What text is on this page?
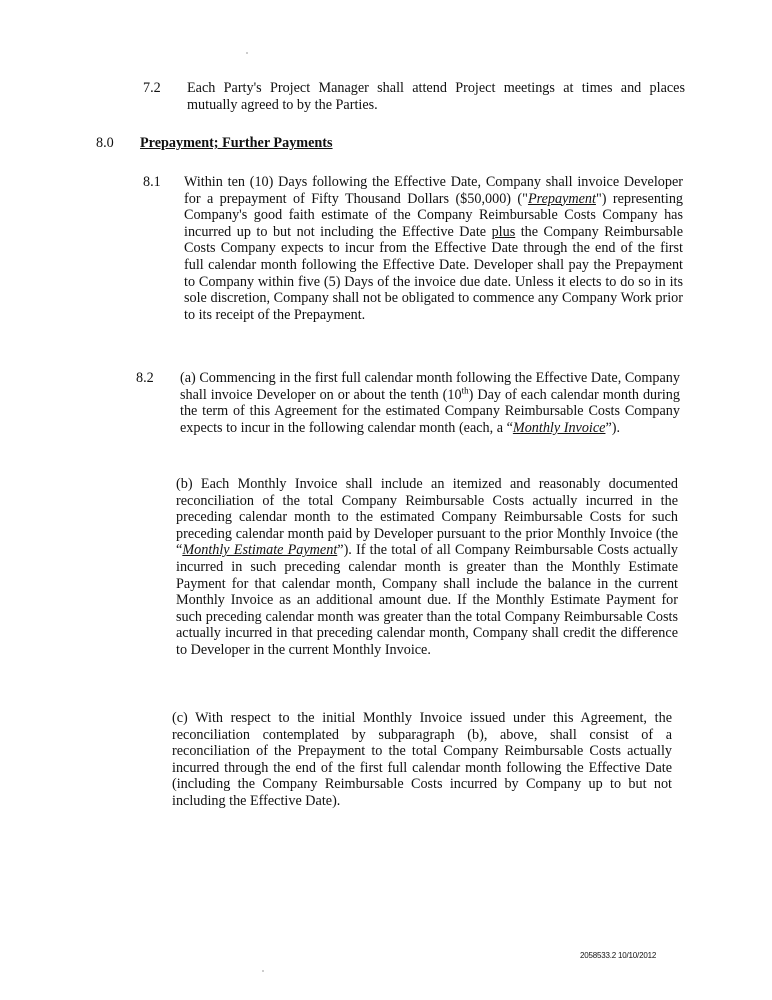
7.2 Each Party's Project Manager shall attend Project meetings at times and places mutually agreed to by the Parties.
8.0 Prepayment; Further Payments
8.1 Within ten (10) Days following the Effective Date, Company shall invoice Developer for a prepayment of Fifty Thousand Dollars ($50,000) ("Prepayment") representing Company's good faith estimate of the Company Reimbursable Costs Company has incurred up to but not including the Effective Date plus the Company Reimbursable Costs Company expects to incur from the Effective Date through the end of the first full calendar month following the Effective Date. Developer shall pay the Prepayment to Company within five (5) Days of the invoice due date. Unless it elects to do so in its sole discretion, Company shall not be obligated to commence any Company Work prior to its receipt of the Prepayment.
8.2 (a) Commencing in the first full calendar month following the Effective Date, Company shall invoice Developer on or about the tenth (10th) Day of each calendar month during the term of this Agreement for the estimated Company Reimbursable Costs Company expects to incur in the following calendar month (each, a “Monthly Invoice”).
(b) Each Monthly Invoice shall include an itemized and reasonably documented reconciliation of the total Company Reimbursable Costs actually incurred in the preceding calendar month to the estimated Company Reimbursable Costs for such preceding calendar month paid by Developer pursuant to the prior Monthly Invoice (the “Monthly Estimate Payment”). If the total of all Company Reimbursable Costs actually incurred in such preceding calendar month is greater than the Monthly Estimate Payment for that calendar month, Company shall include the balance in the current Monthly Invoice as an additional amount due. If the Monthly Estimate Payment for such preceding calendar month was greater than the total Company Reimbursable Costs actually incurred in that preceding calendar month, Company shall credit the difference to Developer in the current Monthly Invoice.
(c) With respect to the initial Monthly Invoice issued under this Agreement, the reconciliation contemplated by subparagraph (b), above, shall consist of a reconciliation of the Prepayment to the total Company Reimbursable Costs actually incurred through the end of the first full calendar month following the Effective Date (including the Company Reimbursable Costs incurred by Company up to but not including the Effective Date).
2058533.2 10/10/2012
